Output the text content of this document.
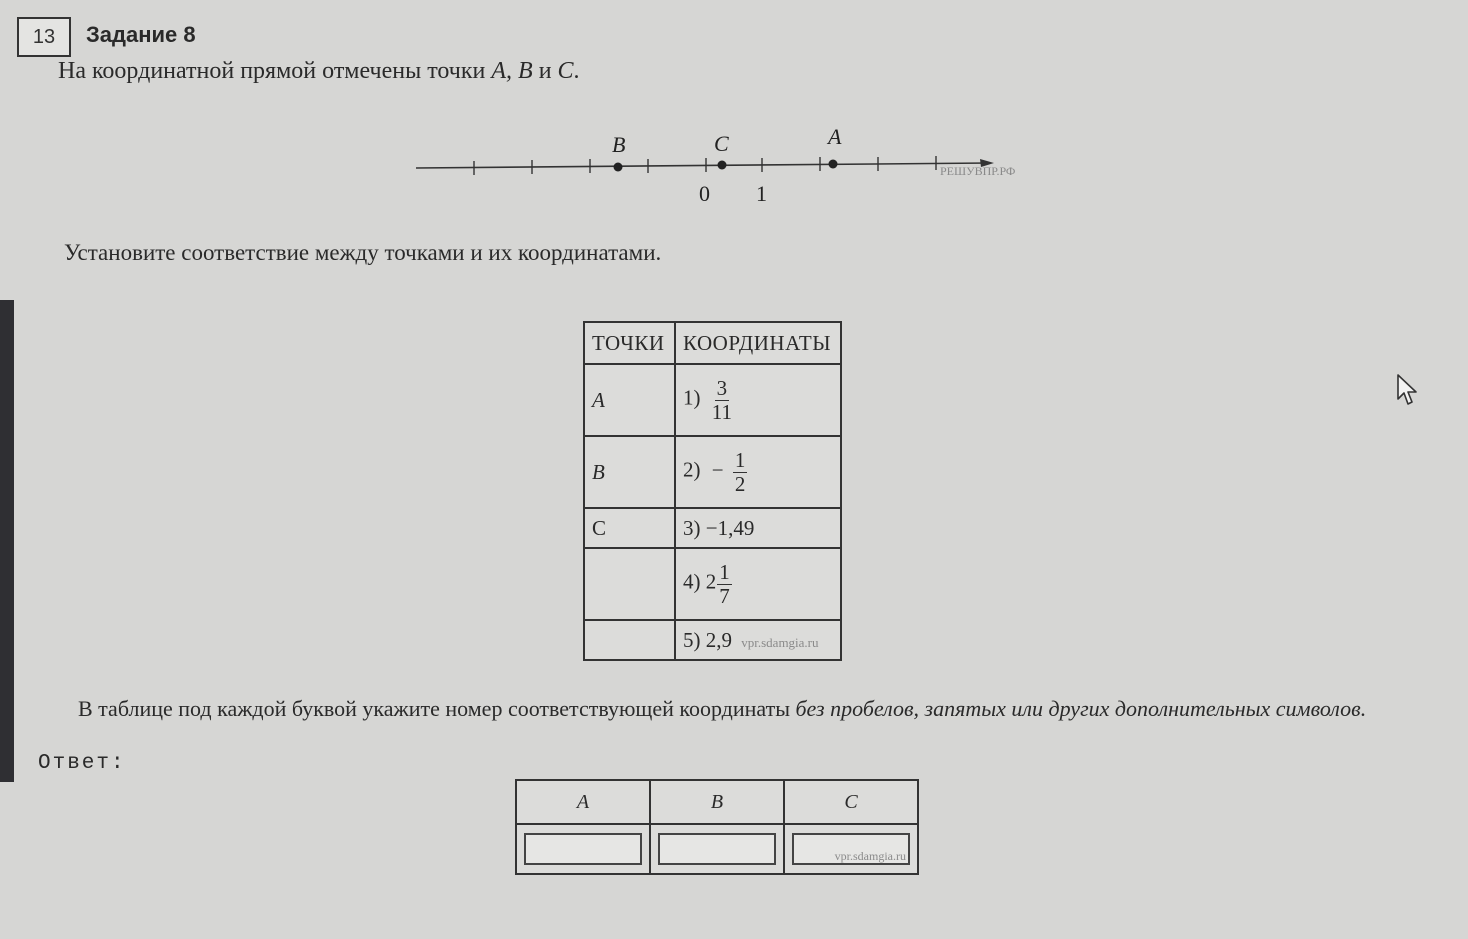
13	Задание 8
На координатной прямой отмечены точки A, B и C.
B	C	A
0 1
РЕШУВПР.РФ
Установите соответствие между точками и их координатами.
ТОЧКИ	КООРДИНАТЫ
A	$1) \frac{3}{11}$

B	$2) - \frac{1}{2}$

C	3) −1,49
	4) $2 \frac{1}{7}$

	5) 2,9 vpr.sdamgia.ru
В таблице под каждой буквой укажите номер соответствующей координаты без пробелов, запятых или других дополнительных символов.
Ответ:
A	B	C

		vpr.sdamgia.ru
